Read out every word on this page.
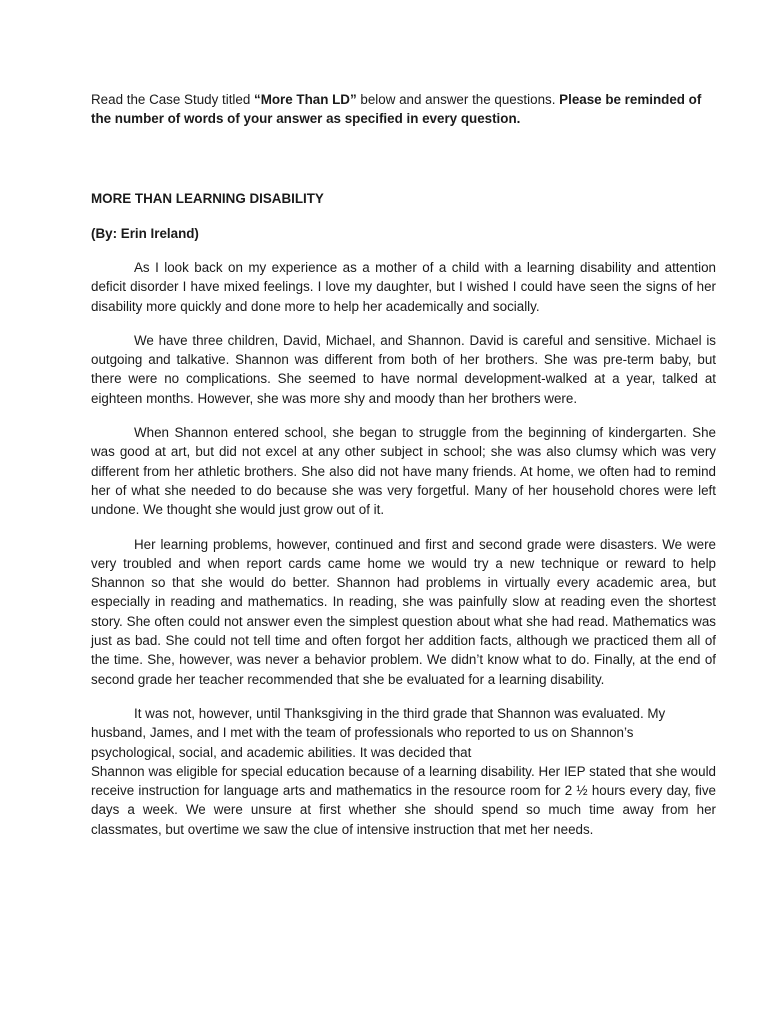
Read the Case Study titled “More Than LD” below and answer the questions. Please be reminded of the number of words of your answer as specified in every question.

MORE THAN LEARNING DISABILITY

(By: Erin Ireland)

As I look back on my experience as a mother of a child with a learning disability and attention deficit disorder I have mixed feelings. I love my daughter, but I wished I could have seen the signs of her disability more quickly and done more to help her academically and socially.

We have three children, David, Michael, and Shannon. David is careful and sensitive. Michael is outgoing and talkative. Shannon was different from both of her brothers. She was pre-term baby, but there were no complications. She seemed to have normal development-walked at a year, talked at eighteen months. However, she was more shy and moody than her brothers were.

When Shannon entered school, she began to struggle from the beginning of kindergarten. She was good at art, but did not excel at any other subject in school; she was also clumsy which was very different from her athletic brothers. She also did not have many friends. At home, we often had to remind her of what she needed to do because she was very forgetful. Many of her household chores were left undone. We thought she would just grow out of it.

Her learning problems, however, continued and first and second grade were disasters. We were very troubled and when report cards came home we would try a new technique or reward to help Shannon so that she would do better. Shannon had problems in virtually every academic area, but especially in reading and mathematics. In reading, she was painfully slow at reading even the shortest story. She often could not answer even the simplest question about what she had read. Mathematics was just as bad. She could not tell time and often forgot her addition facts, although we practiced them all of the time. She, however, was never a behavior problem. We didn’t know what to do. Finally, at the end of second grade her teacher recommended that she be evaluated for a learning disability.

It was not, however, until Thanksgiving in the third grade that Shannon was evaluated. My husband, James, and I met with the team of professionals who reported to us on Shannon’s psychological, social, and academic abilities. It was decided that

Shannon was eligible for special education because of a learning disability. Her IEP stated that she would receive instruction for language arts and mathematics in the resource room for 2 ½ hours every day, five days a week. We were unsure at first whether she should spend so much time away from her classmates, but overtime we saw the clue of intensive instruction that met her needs.
